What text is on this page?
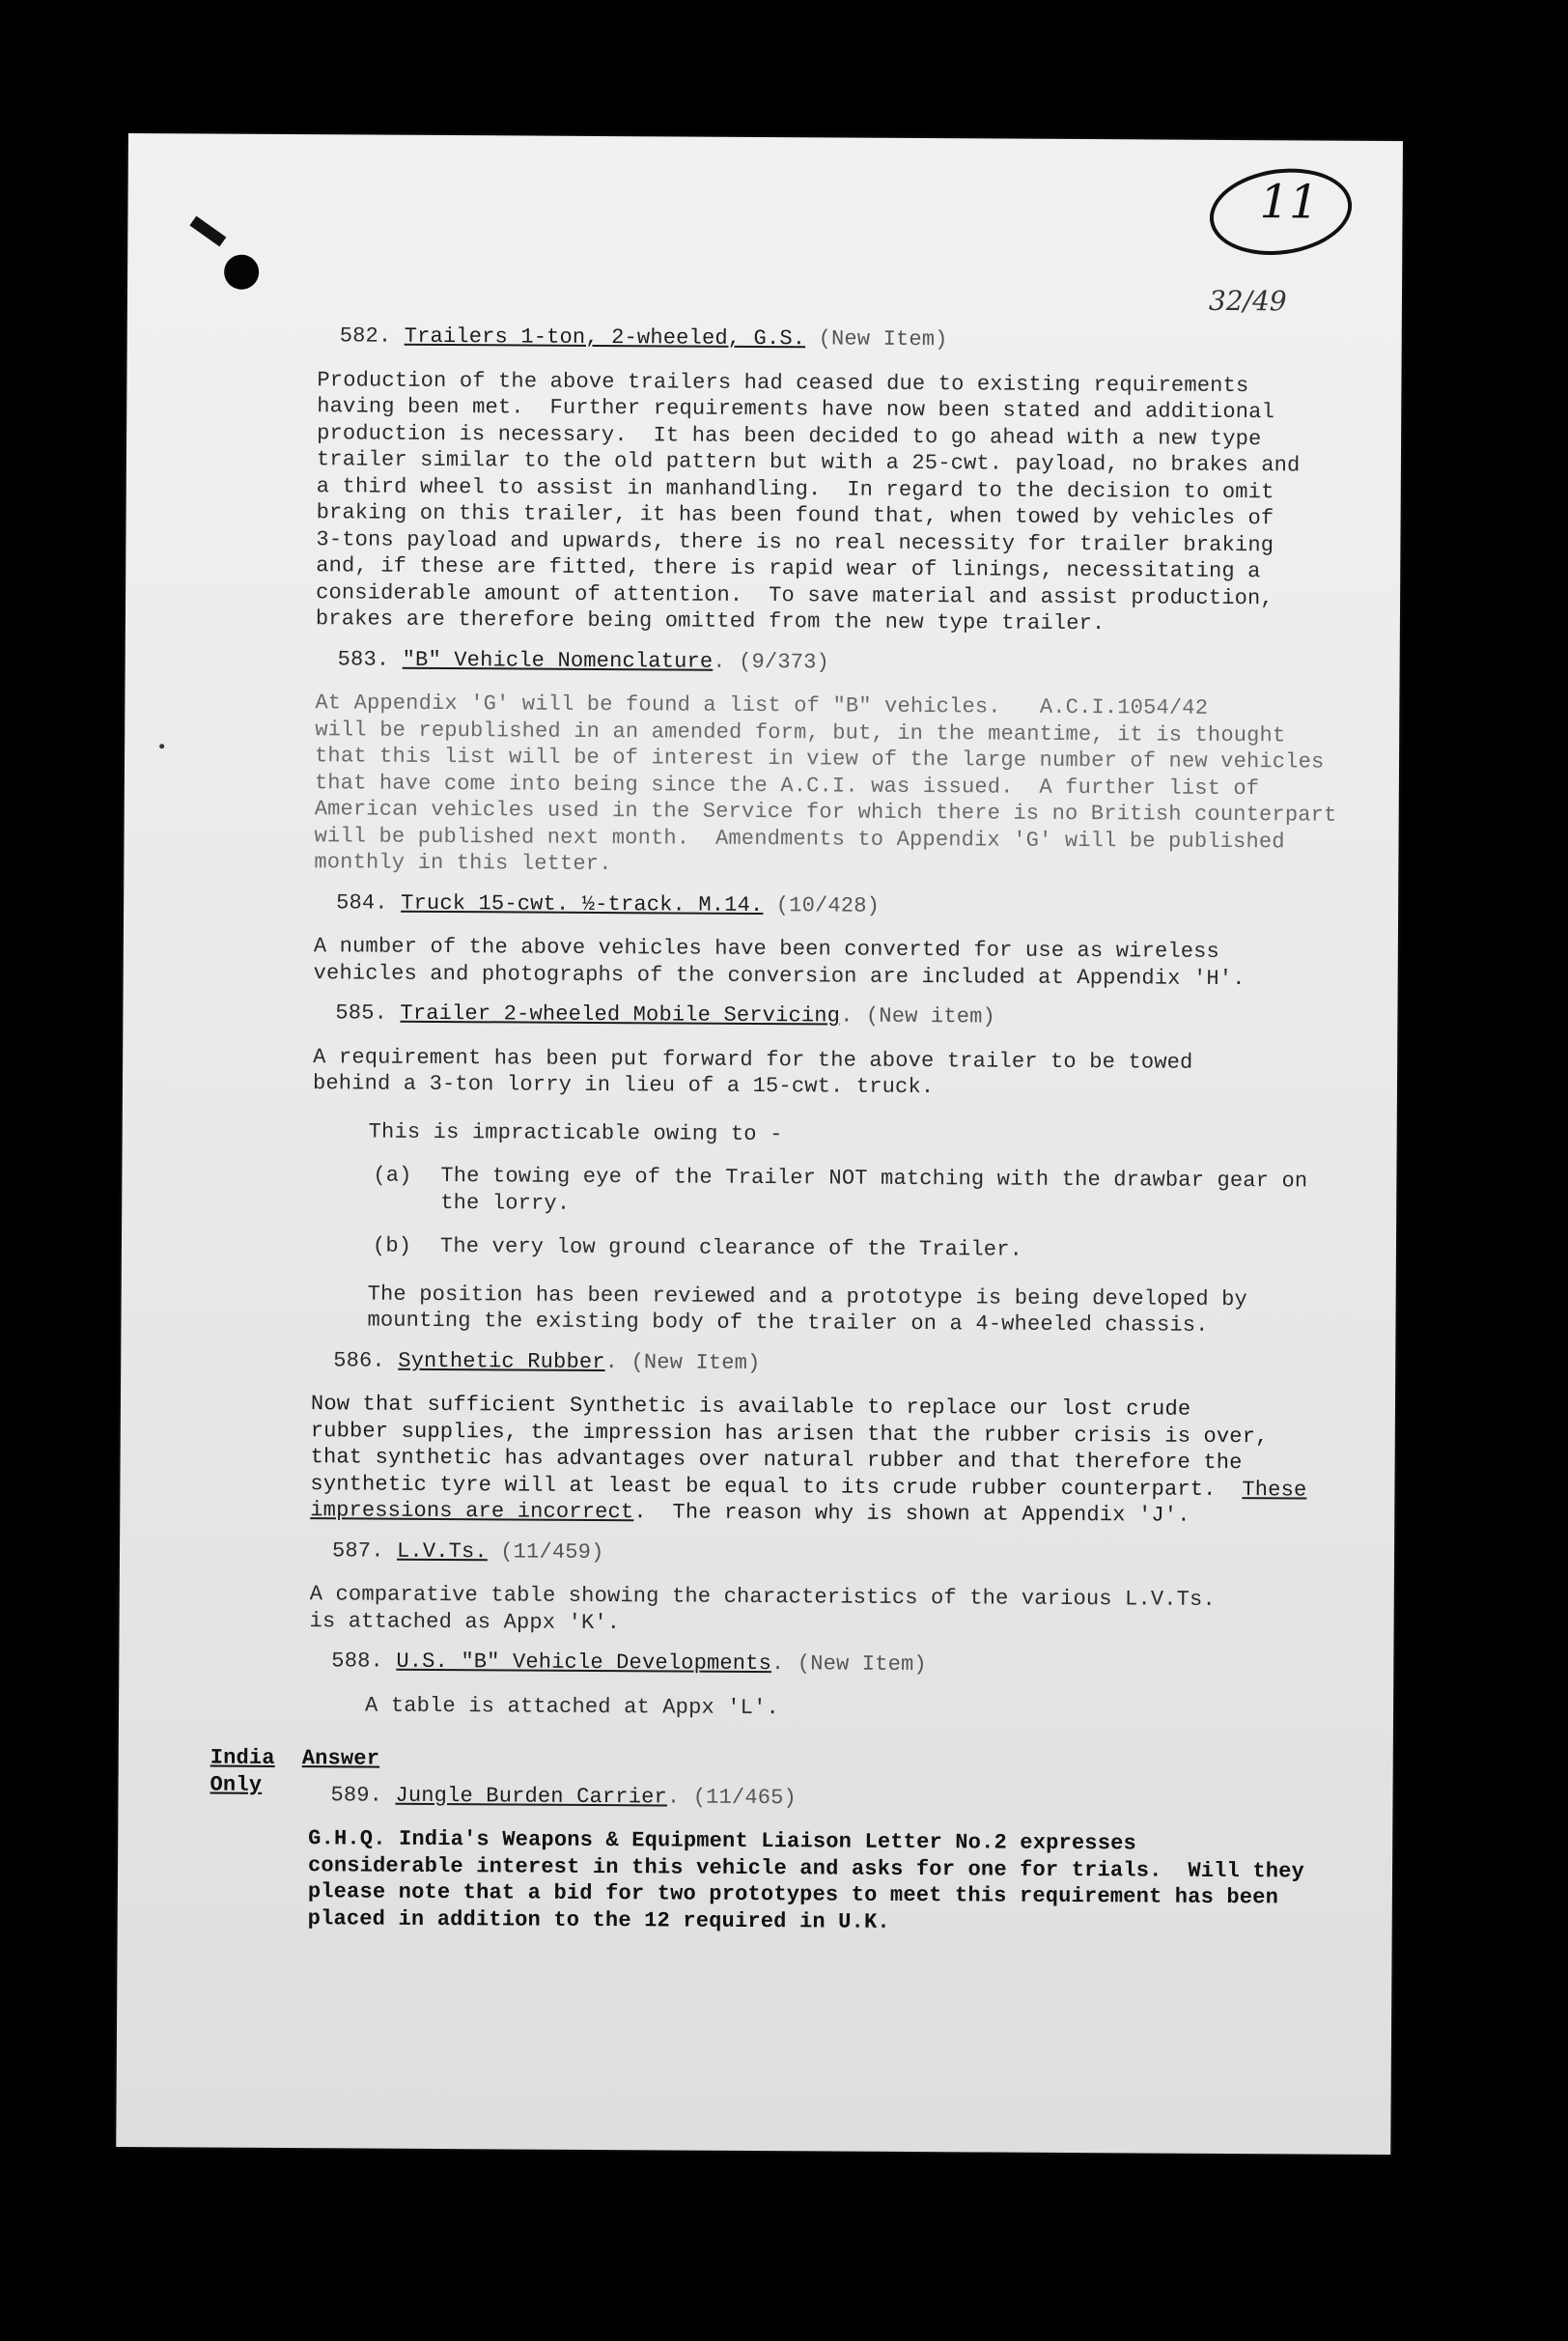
11
32/49
582. Trailers 1-ton, 2-wheeled, G.S. (New Item)
Production of the above trailers had ceased due to existing requirements
having been met.  Further requirements have now been stated and additional
production is necessary.  It has been decided to go ahead with a new type
trailer similar to the old pattern but with a 25-cwt. payload, no brakes and
a third wheel to assist in manhandling.  In regard to the decision to omit
braking on this trailer, it has been found that, when towed by vehicles of
3-tons payload and upwards, there is no real necessity for trailer braking
and, if these are fitted, there is rapid wear of linings, necessitating a
considerable amount of attention.  To save material and assist production,
brakes are therefore being omitted from the new type trailer.
583. "B" Vehicle Nomenclature. (9/373)
At Appendix 'G' will be found a list of "B" vehicles.   A.C.I.1054/42
will be republished in an amended form, but, in the meantime, it is thought
that this list will be of interest in view of the large number of new vehicles
that have come into being since the A.C.I. was issued.  A further list of
American vehicles used in the Service for which there is no British counterpart
will be published next month.  Amendments to Appendix 'G' will be published
monthly in this letter.
584. Truck 15-cwt. ½-track. M.14. (10/428)
A number of the above vehicles have been converted for use as wireless
vehicles and photographs of the conversion are included at Appendix 'H'.
585. Trailer 2-wheeled Mobile Servicing. (New item)
A requirement has been put forward for the above trailer to be towed
behind a 3-ton lorry in lieu of a 15-cwt. truck.
This is impracticable owing to -
(a) The towing eye of the Trailer NOT matching with the drawbar gear on
the lorry.
(b) The very low ground clearance of the Trailer.
The position has been reviewed and a prototype is being developed by
mounting the existing body of the trailer on a 4-wheeled chassis.
586. Synthetic Rubber. (New Item)
Now that sufficient Synthetic is available to replace our lost crude
rubber supplies, the impression has arisen that the rubber crisis is over,
that synthetic has advantages over natural rubber and that therefore the
synthetic tyre will at least be equal to its crude rubber counterpart.  These
impressions are incorrect.  The reason why is shown at Appendix 'J'.
587. L.V.Ts. (11/459)
A comparative table showing the characteristics of the various L.V.Ts.
is attached as Appx 'K'.
588. U.S. "B" Vehicle Developments. (New Item)
A table is attached at Appx 'L'.
India
Only
Answer
589. Jungle Burden Carrier. (11/465)
G.H.Q. India's Weapons & Equipment Liaison Letter No.2 expresses
considerable interest in this vehicle and asks for one for trials.  Will they
please note that a bid for two prototypes to meet this requirement has been
placed in addition to the 12 required in U.K.
